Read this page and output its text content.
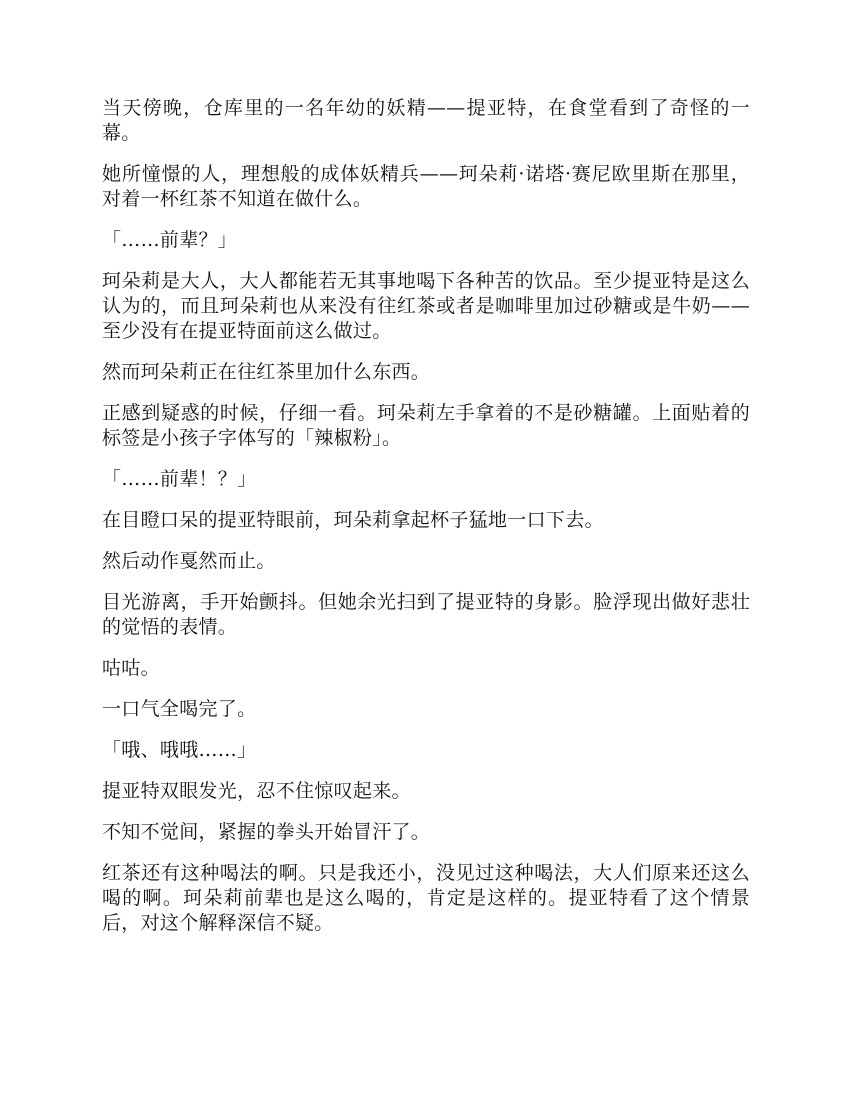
当天傍晚，仓库里的一名年幼的妖精——提亚特，在食堂看到了奇怪的一幕。

她所憧憬的人，理想般的成体妖精兵——珂朵莉·诺塔·赛尼欧里斯在那里，对着一杯红茶不知道在做什么。

「……前辈？」

珂朵莉是大人，大人都能若无其事地喝下各种苦的饮品。至少提亚特是这么认为的，而且珂朵莉也从来没有往红茶或者是咖啡里加过砂糖或是牛奶——至少没有在提亚特面前这么做过。

然而珂朵莉正在往红茶里加什么东西。

正感到疑惑的时候，仔细一看。珂朵莉左手拿着的不是砂糖罐。上面贴着的标签是小孩子字体写的「辣椒粉」。

「……前辈！？」

在目瞪口呆的提亚特眼前，珂朵莉拿起杯子猛地一口下去。

然后动作戛然而止。

目光游离，手开始颤抖。但她余光扫到了提亚特的身影。脸浮现出做好悲壮的觉悟的表情。

咕咕。

一口气全喝完了。

「哦、哦哦……」

提亚特双眼发光，忍不住惊叹起来。

不知不觉间，紧握的拳头开始冒汗了。

红茶还有这种喝法的啊。只是我还小，没见过这种喝法，大人们原来还这么喝的啊。珂朵莉前辈也是这么喝的，肯定是这样的。提亚特看了这个情景后，对这个解释深信不疑。
